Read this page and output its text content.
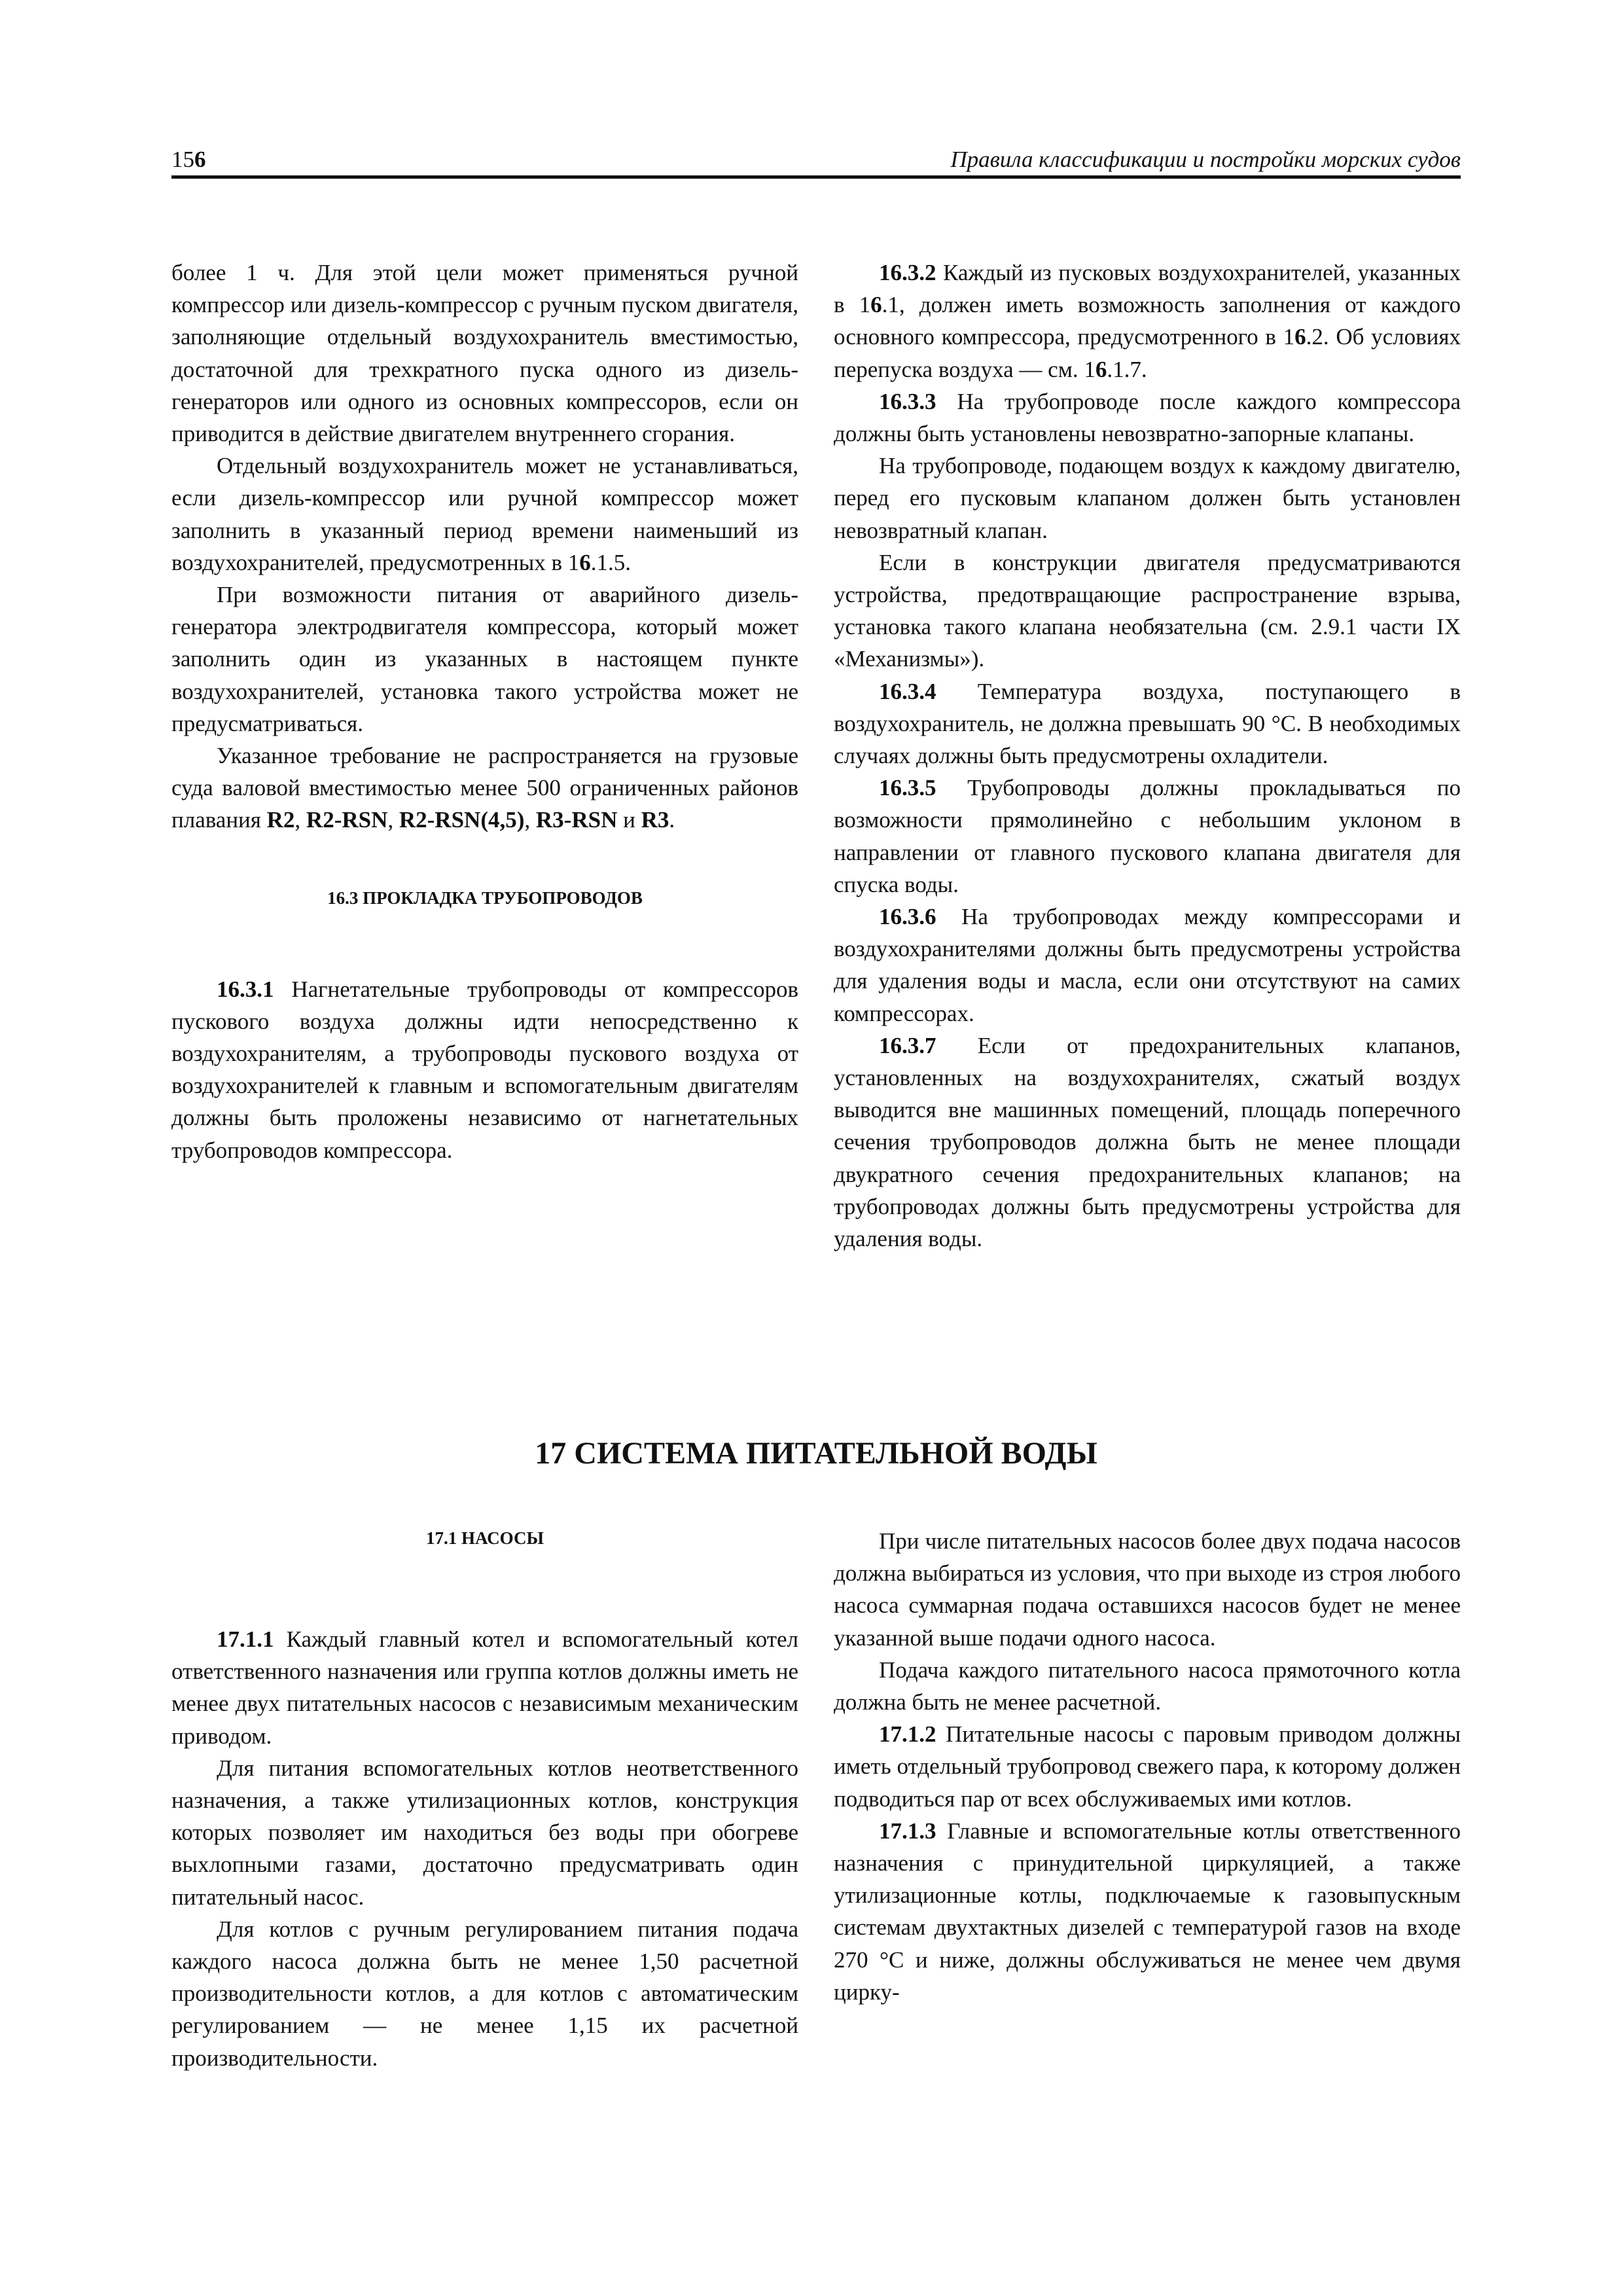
156	Правила классификации и постройки морских судов

более 1 ч. Для этой цели может применяться ручной компрессор или дизель-компрессор с ручным пуском двигателя, заполняющие отдельный воздухохранитель вместимостью, достаточной для трехкратного пуска одного из дизель-генераторов или одного из основных компрессоров, если он приводится в действие двигателем внутреннего сгорания.

Отдельный воздухохранитель может не устанавливаться, если дизель-компрессор или ручной компрессор может заполнить в указанный период времени наименьший из воздухохранителей, предусмотренных в 16.1.5.

При возможности питания от аварийного дизель-генератора электродвигателя компрессора, который может заполнить один из указанных в настоящем пункте воздухохранителей, установка такого устройства может не предусматриваться.

Указанное требование не распространяется на грузовые суда валовой вместимостью менее 500 ограниченных районов плавания R2, R2-RSN, R2-RSN(4,5), R3-RSN и R3.

16.3 ПРОКЛАДКА ТРУБОПРОВОДОВ

16.3.1 Нагнетательные трубопроводы от компрессоров пускового воздуха должны идти непосредственно к воздухохранителям, а трубопроводы пускового воздуха от воздухохранителей к главным и вспомогательным двигателям должны быть проложены независимо от нагнетательных трубопроводов компрессора.

16.3.2 Каждый из пусковых воздухохранителей, указанных в 16.1, должен иметь возможность заполнения от каждого основного компрессора, предусмотренного в 16.2. Об условиях перепуска воздуха — см. 16.1.7.

16.3.3 На трубопроводе после каждого компрессора должны быть установлены невозвратно-запорные клапаны.

На трубопроводе, подающем воздух к каждому двигателю, перед его пусковым клапаном должен быть установлен невозвратный клапан.

Если в конструкции двигателя предусматриваются устройства, предотвращающие распространение взрыва, установка такого клапана необязательна (см. 2.9.1 части IX «Механизмы»).

16.3.4 Температура воздуха, поступающего в воздухохранитель, не должна превышать 90 °С. В необходимых случаях должны быть предусмотрены охладители.

16.3.5 Трубопроводы должны прокладываться по возможности прямолинейно с небольшим уклоном в направлении от главного пускового клапана двигателя для спуска воды.

16.3.6 На трубопроводах между компрессорами и воздухохранителями должны быть предусмотрены устройства для удаления воды и масла, если они отсутствуют на самих компрессорах.

16.3.7 Если от предохранительных клапанов, установленных на воздухохранителях, сжатый воздух выводится вне машинных помещений, площадь поперечного сечения трубопроводов должна быть не менее площади двукратного сечения предохранительных клапанов; на трубопроводах должны быть предусмотрены устройства для удаления воды.

17 СИСТЕМА ПИТАТЕЛЬНОЙ ВОДЫ

17.1 НАСОСЫ

17.1.1 Каждый главный котел и вспомогательный котел ответственного назначения или группа котлов должны иметь не менее двух питательных насосов с независимым механическим приводом.

Для питания вспомогательных котлов неответственного назначения, а также утилизационных котлов, конструкция которых позволяет им находиться без воды при обогреве выхлопными газами, достаточно предусматривать один питательный насос.

Для котлов с ручным регулированием питания подача каждого насоса должна быть не менее 1,50 расчетной производительности котлов, а для котлов с автоматическим регулированием — не менее 1,15 их расчетной производительности.

При числе питательных насосов более двух подача насосов должна выбираться из условия, что при выходе из строя любого насоса суммарная подача оставшихся насосов будет не менее указанной выше подачи одного насоса.

Подача каждого питательного насоса прямоточного котла должна быть не менее расчетной.

17.1.2 Питательные насосы с паровым приводом должны иметь отдельный трубопровод свежего пара, к которому должен подводиться пар от всех обслуживаемых ими котлов.

17.1.3 Главные и вспомогательные котлы ответственного назначения с принудительной циркуляцией, а также утилизационные котлы, подключаемые к газовыпускным системам двухтактных дизелей с температурой газов на входе 270 °С и ниже, должны обслуживаться не менее чем двумя цирку-
